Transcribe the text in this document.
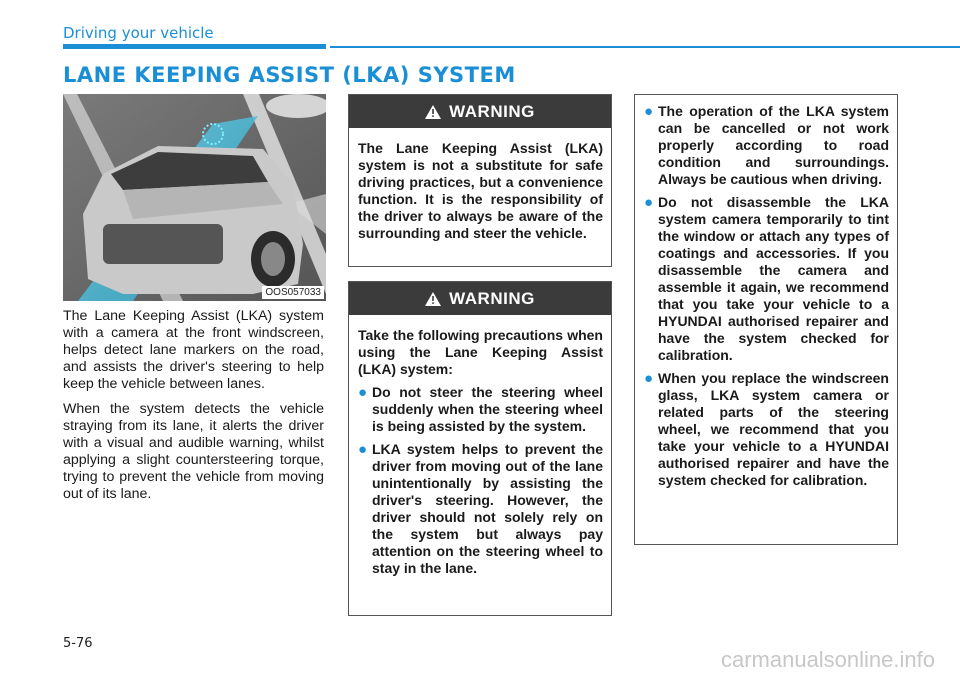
Driving your vehicle
LANE KEEPING ASSIST (LKA) SYSTEM
OOS057033

The Lane Keeping Assist (LKA) system with a camera at the front windscreen, helps detect lane markers on the road, and assists the driver's steering to help keep the vehicle between lanes.

When the system detects the vehicle straying from its lane, it alerts the driver with a visual and audible warning, whilst applying a slight countersteering torque, trying to prevent the vehicle from moving out of its lane.

WARNING

The Lane Keeping Assist (LKA) system is not a substitute for safe driving practices, but a convenience function. It is the responsibility of the driver to always be aware of the surrounding and steer the vehicle.

WARNING

Take the following precautions when using the Lane Keeping Assist (LKA) system:

● Do not steer the steering wheel suddenly when the steering wheel is being assisted by the system.
● LKA system helps to prevent the driver from moving out of the lane unintentionally by assisting the driver's steering. However, the driver should not solely rely on the system but always pay attention on the steering wheel to stay in the lane.
● The operation of the LKA system can be cancelled or not work properly according to road condition and surroundings. Always be cautious when driving.
● Do not disassemble the LKA system camera temporarily to tint the window or attach any types of coatings and accessories. If you disassemble the camera and assemble it again, we recommend that you take your vehicle to a HYUNDAI authorised repairer and have the system checked for calibration.
● When you replace the windscreen glass, LKA system camera or related parts of the steering wheel, we recommend that you take your vehicle to a HYUNDAI authorised repairer and have the system checked for calibration.
5-76
carmanualsonline.info
